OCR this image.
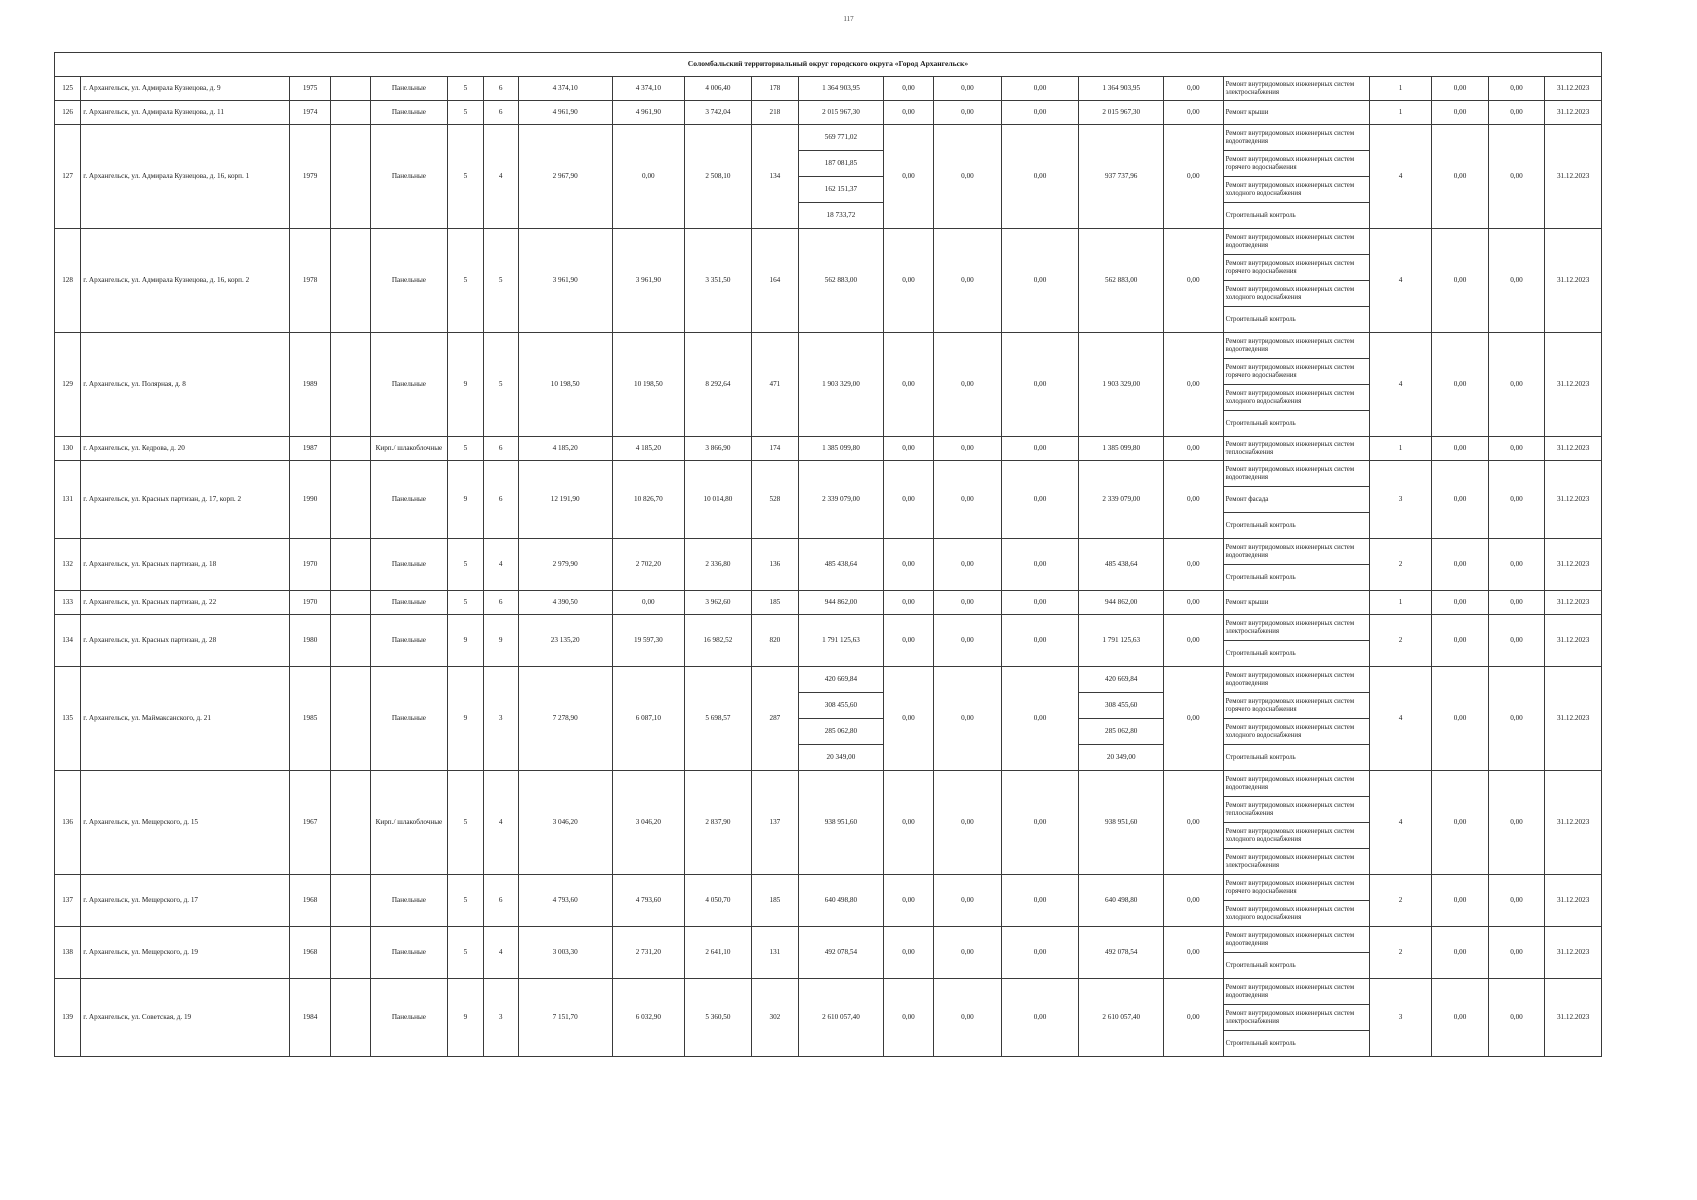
117
Соломбальский территориальный округ городского округа «Город Архангельск»																					
125	г. Архангельск, ул. Адмирала Кузнецова, д. 9	1975		Панельные	5	6	4 374,10	4 374,10	4 006,40	178	1 364 903,95	0,00	0,00	0,00	1 364 903,95	0,00	Ремонт внутридомовых инженерных систем электроснабжения	1	0,00	0,00	31.12.2023
126	г. Архангельск, ул. Адмирала Кузнецова, д. 11	1974		Панельные	5	6	4 961,90	4 961,90	3 742,04	218	2 015 967,30	0,00	0,00	0,00	2 015 967,30	0,00	Ремонт крыши	1	0,00	0,00	31.12.2023
127	г. Архангельск, ул. Адмирала Кузнецова, д. 16, корп. 1	1979		Панельные	5	4	2 967,90	0,00	2 508,10	134	569 771,02	0,00	0,00	0,00	937 737,96	0,00	Ремонт внутридомовых инженерных систем водоотведения	4	0,00	0,00	31.12.2023
											187 081,85						Ремонт внутридомовых инженерных систем горячего водоснабжения				
											162 151,37						Ремонт внутридомовых инженерных систем холодного водоснабжения				
											18 733,72						Строительный контроль				
128	г. Архангельск, ул. Адмирала Кузнецова, д. 16, корп. 2	1978		Панельные	5	5	3 961,90	3 961,90	3 351,50	164	562 883,00	0,00	0,00	0,00	562 883,00	0,00	Ремонт внутридомовых инженерных систем водоотведения	4	0,00	0,00	31.12.2023
																	Ремонт внутридомовых инженерных систем горячего водоснабжения				
																	Ремонт внутридомовых инженерных систем холодного водоснабжения				
																	Строительный контроль				
129	г. Архангельск, ул. Полярная, д. 8	1989		Панельные	9	5	10 198,50	10 198,50	8 292,64	471	1 903 329,00	0,00	0,00	0,00	1 903 329,00	0,00	Ремонт внутридомовых инженерных систем водоотведения	4	0,00	0,00	31.12.2023
																	Ремонт внутридомовых инженерных систем горячего водоснабжения				
																	Ремонт внутридомовых инженерных систем холодного водоснабжения				
																	Строительный контроль				
130	г. Архангельск, ул. Кедрова, д. 20	1987		Кирп./ шлакоблочные	5	6	4 185,20	4 185,20	3 866,90	174	1 385 099,80	0,00	0,00	0,00	1 385 099,80	0,00	Ремонт внутридомовых инженерных систем теплоснабжения	1	0,00	0,00	31.12.2023
131	г. Архангельск, ул. Красных партизан, д. 17, корп. 2	1990		Панельные	9	6	12 191,90	10 826,70	10 014,80	528	2 339 079,00	0,00	0,00	0,00	2 339 079,00	0,00	Ремонт внутридомовых инженерных систем водоотведения	3	0,00	0,00	31.12.2023
																	Ремонт фасада				
																	Строительный контроль				
132	г. Архангельск, ул. Красных партизан, д. 18	1970		Панельные	5	4	2 979,90	2 702,20	2 336,80	136	485 438,64	0,00	0,00	0,00	485 438,64	0,00	Ремонт внутридомовых инженерных систем водоотведения	2	0,00	0,00	31.12.2023
																	Строительный контроль				
133	г. Архангельск, ул. Красных партизан, д. 22	1970		Панельные	5	6	4 390,50	0,00	3 962,60	185	944 862,00	0,00	0,00	0,00	944 862,00	0,00	Ремонт крыши	1	0,00	0,00	31.12.2023
134	г. Архангельск, ул. Красных партизан, д. 28	1980		Панельные	9	9	23 135,20	19 597,30	16 982,52	820	1 791 125,63	0,00	0,00	0,00	1 791 125,63	0,00	Ремонт внутридомовых инженерных систем электроснабжения	2	0,00	0,00	31.12.2023
																	Строительный контроль				
135	г. Архангельск, ул. Маймаксанского, д. 21	1985		Панельные	9	3	7 278,90	6 087,10	5 698,57	287	420 669,84	0,00	0,00	0,00	420 669,84	0,00	Ремонт внутридомовых инженерных систем водоотведения	4	0,00	0,00	31.12.2023
											308 455,60				308 455,60		Ремонт внутридомовых инженерных систем горячего водоснабжения				
											285 062,80				285 062,80		Ремонт внутридомовых инженерных систем холодного водоснабжения				
											20 349,00				20 349,00		Строительный контроль				
136	г. Архангельск, ул. Мещерского, д. 15	1967		Кирп./ шлакоблочные	5	4	3 046,20	3 046,20	2 837,90	137	938 951,60	0,00	0,00	0,00	938 951,60	0,00	Ремонт внутридомовых инженерных систем водоотведения	4	0,00	0,00	31.12.2023
																	Ремонт внутридомовых инженерных систем теплоснабжения				
																	Ремонт внутридомовых инженерных систем холодного водоснабжения				
																	Ремонт внутридомовых инженерных систем электроснабжения				
137	г. Архангельск, ул. Мещерского, д. 17	1968		Панельные	5	6	4 793,60	4 793,60	4 050,70	185	640 498,80	0,00	0,00	0,00	640 498,80	0,00	Ремонт внутридомовых инженерных систем горячего водоснабжения	2	0,00	0,00	31.12.2023
																	Ремонт внутридомовых инженерных систем холодного водоснабжения				
138	г. Архангельск, ул. Мещерского, д. 19	1968		Панельные	5	4	3 003,30	2 731,20	2 641,10	131	492 078,54	0,00	0,00	0,00	492 078,54	0,00	Ремонт внутридомовых инженерных систем водоотведения	2	0,00	0,00	31.12.2023
																	Строительный контроль				
139	г. Архангельск, ул. Советская, д. 19	1984		Панельные	9	3	7 151,70	6 032,90	5 360,50	302	2 610 057,40	0,00	0,00	0,00	2 610 057,40	0,00	Ремонт внутридомовых инженерных систем водоотведения	3	0,00	0,00	31.12.2023
																	Ремонт внутридомовых инженерных систем электроснабжения				
																	Строительный контроль				
